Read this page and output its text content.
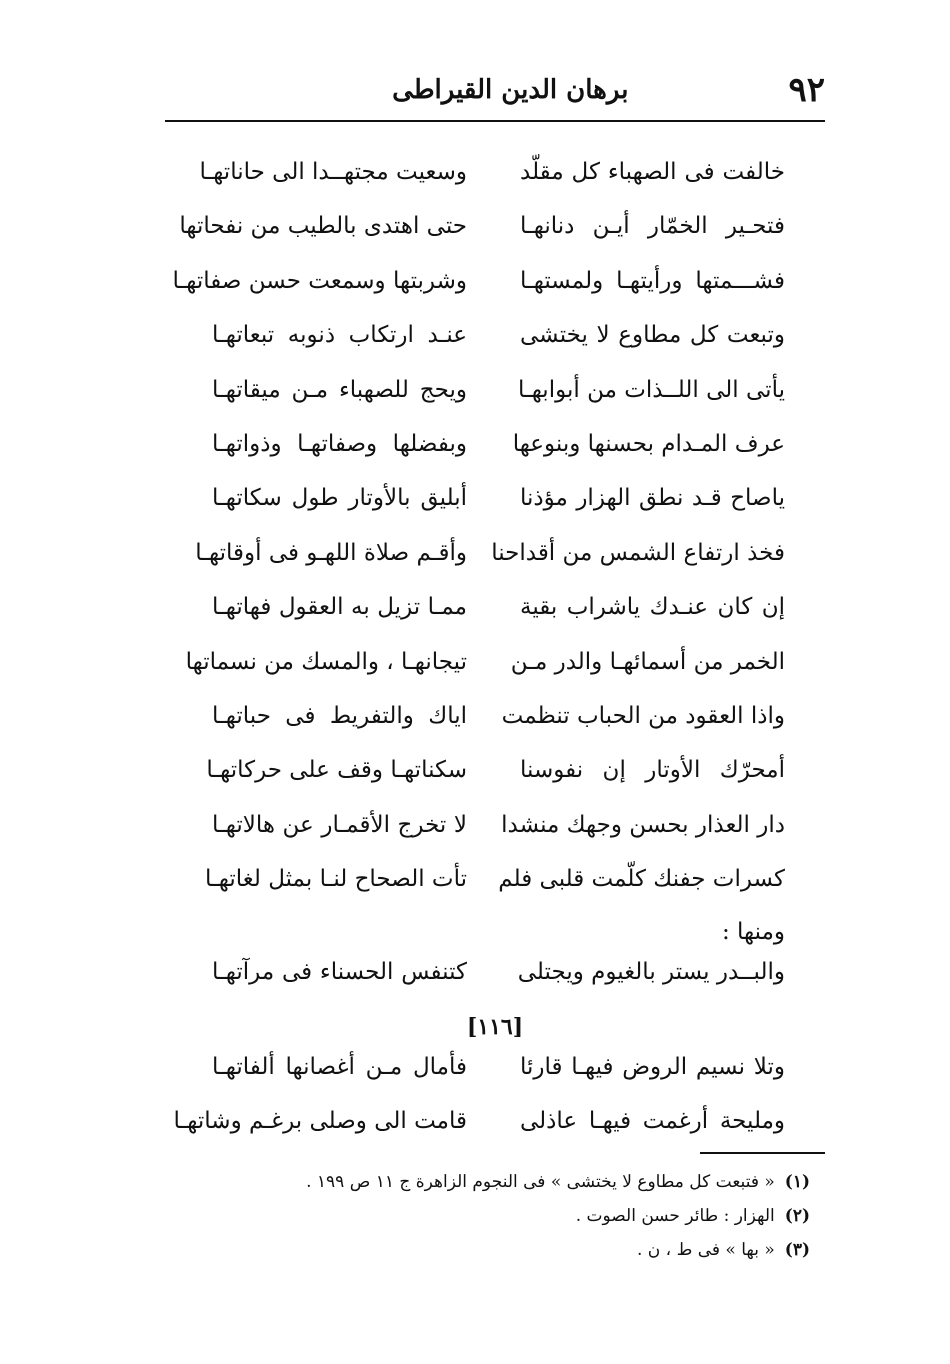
٩٢
برهان الدين القيراطى
خالفت فى الصهباء كل مقلّد
وسعيت مجتهــدا الى حاناتهـا
فتحـير الخمّار أيـن دنانهـا
حتى اهتدى بالطيب من نفحاتها
فشـــمتها ورأيتهـا ولمستهـا
وشربتها وسمعت حسن صفاتهـا
وتبعت كل مطاوع لا يختشى
عنـد ارتكاب ذنوبه تبعاتهـا
يأتى الى اللــذات من أبوابهـا
ويحج للصهباء مـن ميقاتهـا
عرف المـدام بحسنها وبنوعها
وبفضلها وصفاتهـا وذواتهـا
ياصاح قـد نطق الهزار مؤذنا
أبليق بالأوتار طول سكاتهـا
فخذ ارتفاع الشمس من أقداحنا
وأقـم صلاة اللهـو فى أوقاتهـا
إن كان عنـدك ياشراب بقية
ممـا تزيل به العقول فهاتهـا
الخمر من أسمائهـا والدر مـن
تيجانهـا ، والمسك من نسماتها
واذا العقود من الحباب تنظمت
اياك والتفريط فى حباتهـا
أمحرّك الأوتار إن نفوسنا
سكناتهـا وقف على حركاتهـا
دار العذار بحسن وجهك منشدا
لا تخرج الأقمـار عن هالاتهـا
كسرات جفنك كلّمت قلبى فلم
تأت الصحاح لنـا بمثل لغاتهـا
ومنها :
والبــدر يستر بالغيوم ويجتلى
كتنفس الحسناء فى مرآتهـا
[١١٦]
وتلا نسيم الروض فيهـا قارئا
فأمال مـن أغصانها ألفاتهـا
ومليحة أرغمت فيهـا عاذلى
قامت الى وصلى برغـم وشاتهـا
(١)« فتبعت كل مطاوع لا يختشى » فى النجوم الزاهرة ج ١١ ص ١٩٩ .
(٢)الهزار : طائر حسن الصوت .
(٣)« بها » فى ط ، ن .
